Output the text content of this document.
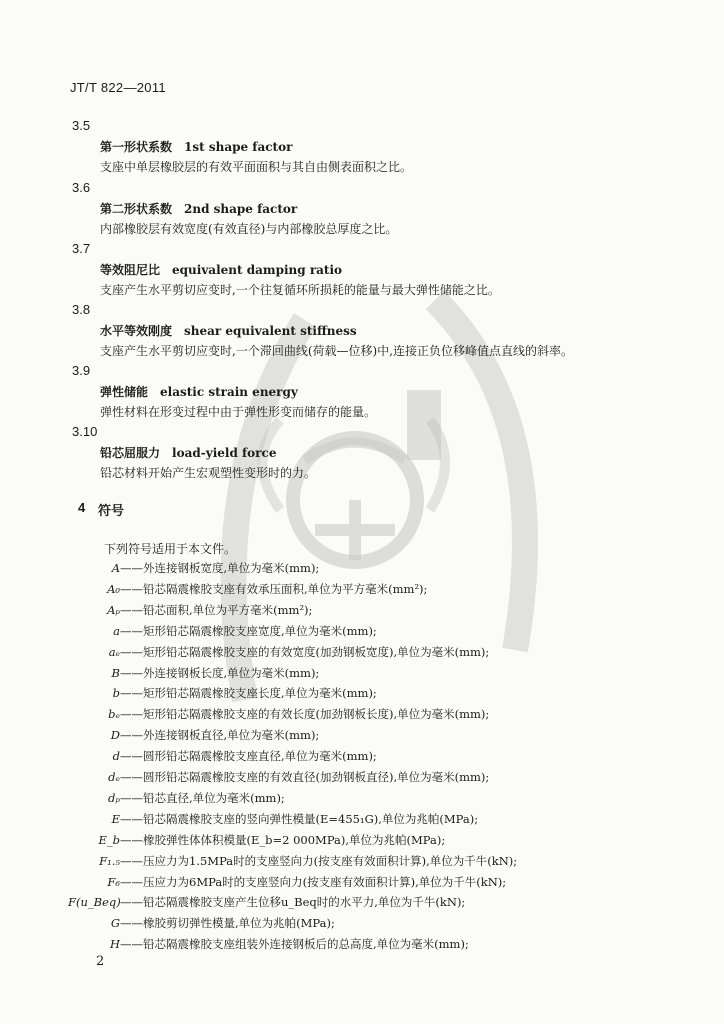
JT/T 822—2011
3.5
第一形状系数 1st shape factor
支座中单层橡胶层的有效平面面积与其自由侧表面积之比。
3.6
第二形状系数 2nd shape factor
内部橡胶层有效宽度(有效直径)与内部橡胶总厚度之比。
3.7
等效阻尼比 equivalent damping ratio
支座产生水平剪切应变时,一个往复循环所损耗的能量与最大弹性储能之比。
3.8
水平等效刚度 shear equivalent stiffness
支座产生水平剪切应变时,一个滞回曲线(荷载—位移)中,连接正负位移峰值点直线的斜率。
3.9
弹性储能 elastic strain energy
弹性材料在形变过程中由于弹性形变而储存的能量。
3.10
铅芯屈服力 load-yield force
铅芯材料开始产生宏观塑性变形时的力。
4 符号
下列符号适用于本文件。
A——外连接钢板宽度,单位为毫米(mm);
A₀——铅芯隔震橡胶支座有效承压面积,单位为平方毫米(mm²);
Aₚ——铅芯面积,单位为平方毫米(mm²);
a——矩形铅芯隔震橡胶支座宽度,单位为毫米(mm);
aₑ——矩形铅芯隔震橡胶支座的有效宽度(加劲钢板宽度),单位为毫米(mm);
B——外连接钢板长度,单位为毫米(mm);
b——矩形铅芯隔震橡胶支座长度,单位为毫米(mm);
bₑ——矩形铅芯隔震橡胶支座的有效长度(加劲钢板长度),单位为毫米(mm);
D——外连接钢板直径,单位为毫米(mm);
d——圆形铅芯隔震橡胶支座直径,单位为毫米(mm);
dₑ——圆形铅芯隔震橡胶支座的有效直径(加劲钢板直径),单位为毫米(mm);
dₚ——铅芯直径,单位为毫米(mm);
E——铅芯隔震橡胶支座的竖向弹性模量(E=455₁G),单位为兆帕(MPa);
E_b——橡胶弹性体体积模量(E_b=2 000MPa),单位为兆帕(MPa);
F₁.₅——压应力为1.5MPa时的支座竖向力(按支座有效面积计算),单位为千牛(kN);
F₆——压应力为6MPa时的支座竖向力(按支座有效面积计算),单位为千牛(kN);
F(u_Beq)——铅芯隔震橡胶支座产生位移u_Beq时的水平力,单位为千牛(kN);
G——橡胶剪切弹性模量,单位为兆帕(MPa);
H——铅芯隔震橡胶支座组装外连接钢板后的总高度,单位为毫米(mm);
2
